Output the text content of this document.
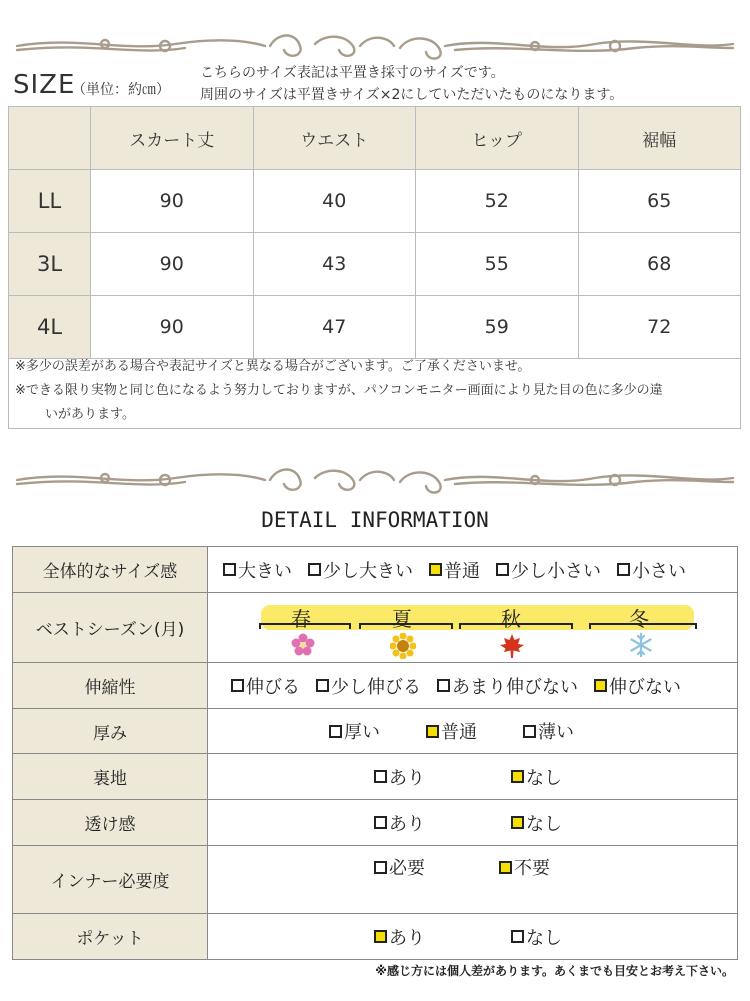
SIZE
（単位：約㎝）
こちらのサイズ表記は平置き採寸のサイズです。
周囲のサイズは平置きサイズ×2にしていただいたものになります。
	スカート丈	ウエスト	ヒップ	裾幅
LL	90	40	52	65
3L	90	43	55	68
4L	90	47	59	72
※多少の誤差がある場合や表記サイズと異なる場合がございます。ご了承くださいませ。
※できる限り実物と同じ色になるよう努力しておりますが、パソコンモニター画面により見た目の色に多少の違
いがあります。
DETAIL INFORMATION
全体的なサイズ感	大きい 少し大きい 普通 少し小さい 小さい

ベストシーズン(月)	春 夏 秋 冬

伸縮性	伸びる 少し伸びる あまり伸びない 伸びない

厚み	厚い 普通 薄い

裏地	あり なし

透け感	あり なし

インナー必要度	必要 不要

ポケット	あり なし
※感じ方には個人差があります。あくまでも目安とお考え下さい。
